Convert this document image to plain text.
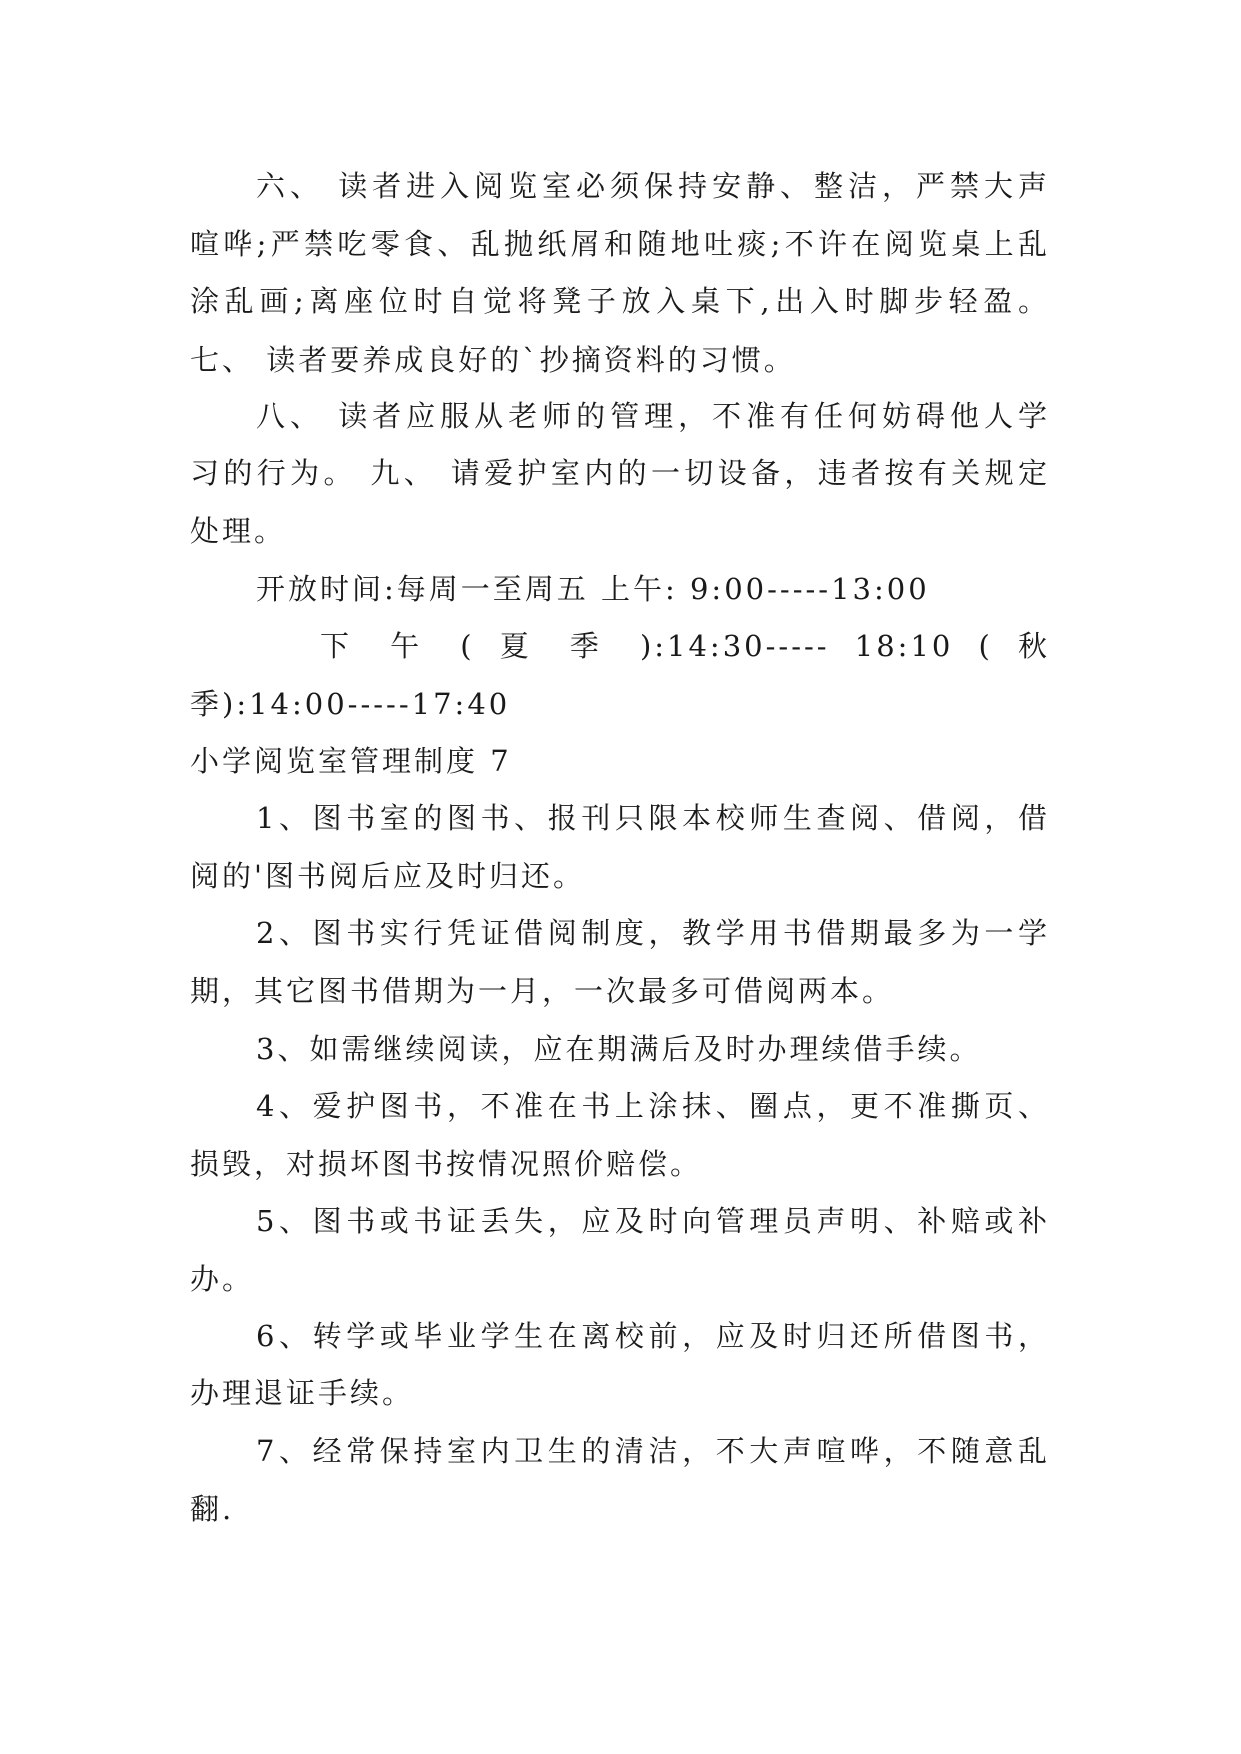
六、 读者进入阅览室必须保持安静、整洁，严禁大声
喧哗;严禁吃零食、乱抛纸屑和随地吐痰;不许在阅览桌上乱
涂乱画;离座位时自觉将凳子放入桌下,出入时脚步轻盈。
七、 读者要养成良好的`抄摘资料的习惯。
八、 读者应服从老师的管理，不准有任何妨碍他人学
习的行为。 九、 请爱护室内的一切设备，违者按有关规定
处理。
开放时间:每周一至周五 上午: 9:00-----13:00
下 午 ( 夏 季 ):14:30----- 18:10 ( 秋
季):14:00-----17:40
小学阅览室管理制度 7
1、图书室的图书、报刊只限本校师生查阅、借阅，借
阅的'图书阅后应及时归还。
2、图书实行凭证借阅制度，教学用书借期最多为一学
期，其它图书借期为一月，一次最多可借阅两本。
3、如需继续阅读，应在期满后及时办理续借手续。
4、爱护图书，不准在书上涂抹、圈点，更不准撕页、
损毁，对损坏图书按情况照价赔偿。
5、图书或书证丢失，应及时向管理员声明、补赔或补
办。
6、转学或毕业学生在离校前，应及时归还所借图书，
办理退证手续。
7、经常保持室内卫生的清洁，不大声喧哗，不随意乱
翻.
